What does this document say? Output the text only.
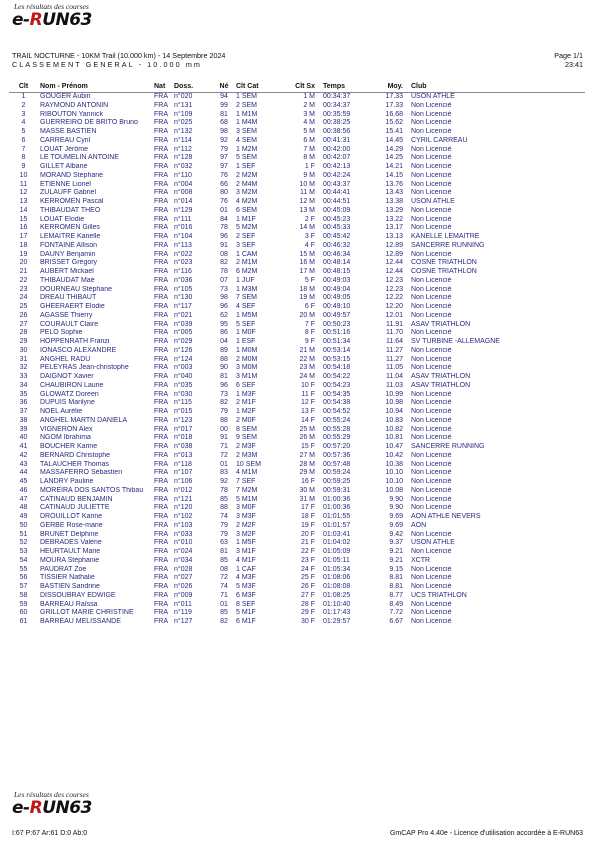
Les résultats des courses
e-RUN63
TRAIL NOCTURNE - 10KM Trail (10.000 km) - 14 Septembre 2024
CLASSEMENT GENERAL - 10.000 mm
Page 1/1
23:41
Clt	Nom - Prénom	Nat	Doss.	Né	Clt Cat	Clt Sx	Temps	Moy.	Club
1	GOUGER Aubin	FRA	n°020	94	1 SEM	1 M	00:34:37	17.33	USON ATHLE
2	RAYMOND ANTONIN	FRA	n°131	99	2 SEM	2 M	00:34:37	17.33	Non Licencié
3	RIBOUTON Yannick	FRA	n°109	81	1 M1M	3 M	00:35:59	16.68	Non Licencié
4	GUERREIRO DE BRITO Bruno	FRA	n°025	68	1 M4M	4 M	00:38:25	15.62	Non Licencié
5	MASSE BASTIEN	FRA	n°132	98	3 SEM	5 M	00:38:56	15.41	Non Licencié
6	CARREAU Cyril	FRA	n°114	92	4 SEM	6 M	00:41:31	14.45	CYRIL CARREAU
7	LOUAT Jérôme	FRA	n°112	79	1 M2M	7 M	00:42:00	14.29	Non Licencié
8	LE TOUMELIN ANTOINE	FRA	n°128	97	5 SEM	8 M	00:42:07	14.25	Non Licencié
9	GILLET Albane	FRA	n°032	97	1 SEF	1 F	00:42:13	14.21	Non Licencié
10	MORAND Stephane	FRA	n°110	76	2 M2M	9 M	00:42:24	14.15	Non Licencié
11	ETIENNE Lionel	FRA	n°004	66	2 M4M	10 M	00:43:37	13.76	Non Licencié
12	ZULAUFF Gabriel	FRA	n°008	80	3 M2M	11 M	00:44:41	13.43	Non Licencié
13	KERROMEN Pascal	FRA	n°014	76	4 M2M	12 M	00:44:51	13.38	USON ATHLE
14	THIBAUDAT THEO	FRA	n°129	01	6 SEM	13 M	00:45:09	13.29	Non Licencié
15	LOUAT Élodie	FRA	n°111	84	1 M1F	2 F	00:45:23	13.22	Non Licencié
16	KERROMEN Gilles	FRA	n°016	78	5 M2M	14 M	00:45:33	13.17	Non Licencié
17	LEMAITRE Kanelle	FRA	n°104	96	2 SEF	3 F	00:45:42	13.13	KANELLE LEMAITRE
18	FONTAINE Allison	FRA	n°113	91	3 SEF	4 F	00:46:32	12.89	SANCERRE RUNNING
19	DAUNY Benjamin	FRA	n°022	08	1 CAM	15 M	00:46:34	12.89	Non Licencié
20	BRISSET Grégory	FRA	n°023	82	2 M1M	16 M	00:48:14	12.44	COSNE TRIATHLON
21	AUBERT Mickael	FRA	n°116	78	6 M2M	17 M	00:48:15	12.44	COSNE TRIATHLON
22	THIBAUDAT Maé	FRA	n°036	07	1 JUF	5 F	00:49:03	12.23	Non Licencié
23	DOURNEAU Stéphane	FRA	n°105	73	1 M3M	18 M	00:49:04	12.23	Non Licencié
24	DREAU THIBAUT	FRA	n°130	98	7 SEM	19 M	00:49:05	12.22	Non Licencié
25	GHEERAERT Elodie	FRA	n°117	96	4 SEF	6 F	00:49:10	12.20	Non Licencié
26	AGASSE Thierry	FRA	n°021	62	1 M5M	20 M	00:49:57	12.01	Non Licencié
27	COURAULT Claire	FRA	n°039	95	5 SEF	7 F	00:50:23	11.91	ASAV TRIATHLON
28	PELO Sophie	FRA	n°005	86	1 M0F	8 F	00:51:16	11.70	Non Licencié
29	HOPPENRATH Franzi	FRA	n°029	04	1 ESF	9 F	00:51:34	11.64	SV TURBINE -ALLEMAGNE
30	IONASCO ALEXANDRE	FRA	n°126	89	1 M0M	21 M	00:53:14	11.27	Non Licencié
31	ANGHEL RADU	FRA	n°124	88	2 M0M	22 M	00:53:15	11.27	Non Licencié
32	PÉLEYRAS Jean-christophe	FRA	n°003	90	3 M0M	23 M	00:54:18	11.05	Non Licencié
33	DAIGNOT Xavier	FRA	n°040	81	3 M1M	24 M	00:54:22	11.04	ASAV TRIATHLON
34	CHAUBIRON Laurie	FRA	n°035	96	6 SEF	10 F	00:54:23	11.03	ASAV TRIATHLON
35	GLOWATZ Doreen	FRA	n°030	73	1 M3F	11 F	00:54:35	10.99	Non Licencié
36	DUPUIS Marilyne	FRA	n°115	82	2 M1F	12 F	00:54:38	10.98	Non Licencié
37	NOEL Aurélie	FRA	n°015	79	1 M2F	13 F	00:54:52	10.94	Non Licencié
38	ANGHEL MARTN DANIELA	FRA	n°123	88	2 M0F	14 F	00:55:24	10.83	Non Licencié
39	VIGNERON Alex	FRA	n°017	00	8 SEM	25 M	00:55:28	10.82	Non Licencié
40	NGOM Ibrahima	FRA	n°018	91	9 SEM	26 M	00:55:29	10.81	Non Licencié
41	BOUCHER Karine	FRA	n°038	71	2 M3F	15 F	00:57:20	10.47	SANCERRE RUNNING
42	BERNARD Christophe	FRA	n°013	72	2 M3M	27 M	00:57:36	10.42	Non Licencié
43	TALAUCHER Thomas	FRA	n°118	01	10 SEM	28 M	00:57:48	10.38	Non Licencié
44	MASSAFERRO Sébastien	FRA	n°107	83	4 M1M	29 M	00:59:24	10.10	Non Licencié
45	LANDRY Pauline	FRA	n°106	92	7 SEF	16 F	00:59:25	10.10	Non Licencié
46	MOREIRA DOS SANTOS Thibau	FRA	n°012	78	7 M2M	30 M	00:59:31	10.08	Non Licencié
47	CATINAUD BENJAMIN	FRA	n°121	85	5 M1M	31 M	01:00:36	9.90	Non Licencié
48	CATINAUD JULIETTE	FRA	n°120	88	3 M0F	17 F	01:00:36	9.90	Non Licencié
49	DROUILLOT Karine	FRA	n°102	74	3 M3F	18 F	01:01:55	9.69	AON ATHLE NEVERS
50	GERBE Rose-marie	FRA	n°103	79	2 M2F	19 F	01:01:57	9.69	AON
51	BRUNET Delphine	FRA	n°033	79	3 M2F	20 F	01:03:41	9.42	Non Licencié
52	DEBRADES Valérie	FRA	n°010	63	1 M5F	21 F	01:04:02	9.37	USON ATHLE
53	HEURTAULT Marie	FRA	n°024	81	3 M1F	22 F	01:05:09	9.21	Non Licencié
54	MOURA Stéphanie	FRA	n°034	85	4 M1F	23 F	01:05:11	9.21	XCTR
55	PAUDRAT Zoe	FRA	n°028	08	1 CAF	24 F	01:05:34	9.15	Non Licencié
56	TISSIER Nathalie	FRA	n°027	72	4 M3F	25 F	01:08:06	8.81	Non Licencié
57	BASTIEN Sandrine	FRA	n°026	74	5 M3F	26 F	01:08:08	8.81	Non Licencié
58	DISSOUBRAY EDWIGE	FRA	n°009	71	6 M3F	27 F	01:08:25	8.77	UCS TRIATHLON
59	BARREAU Raïssa	FRA	n°011	01	8 SEF	28 F	01:10:40	8.49	Non Licencié
60	GRILLOT MARIE CHRISTINE	FRA	n°119	85	5 M1F	29 F	01:17:43	7.72	Non Licencié
61	BARREAU MELISSANDE	FRA	n°127	82	6 M1F	30 F	01:29:57	6.67	Non Licencié
Les résultats des courses
e-RUN63
I:67 P:67 Ar:61 D:0 Ab:0	GmCAP Pro 4.40e - Licence d'utilisation accordée à E-RUN63
